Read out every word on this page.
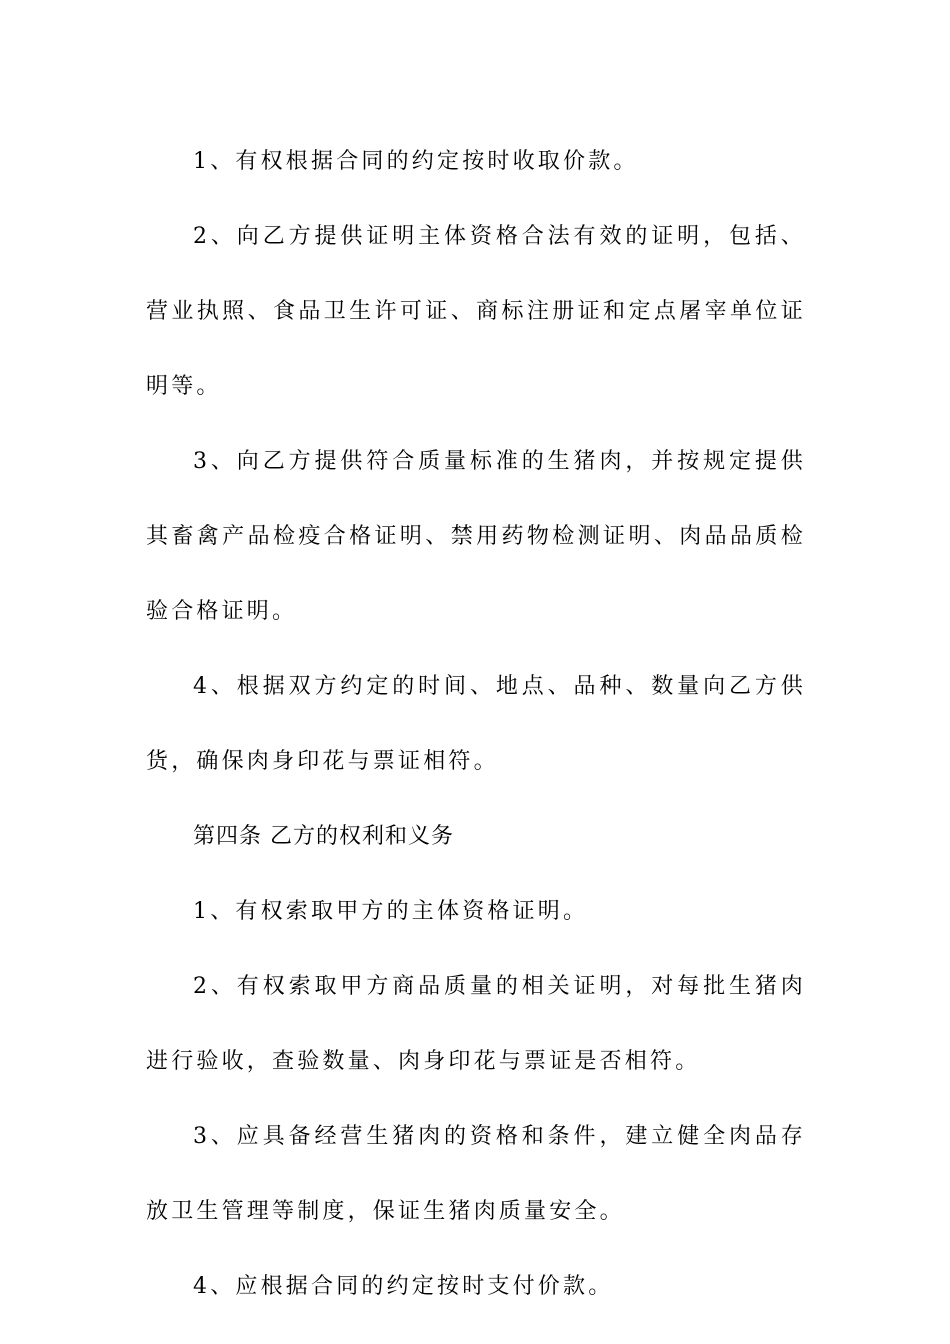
1、有权根据合同的约定按时收取价款。

2、向乙方提供证明主体资格合法有效的证明，包括、营业执照、食品卫生许可证、商标注册证和定点屠宰单位证明等。

3、向乙方提供符合质量标准的生猪肉，并按规定提供其畜禽产品检疫合格证明、禁用药物检测证明、肉品品质检验合格证明。

4、根据双方约定的时间、地点、品种、数量向乙方供货，确保肉身印花与票证相符。

第四条 乙方的权利和义务

1、有权索取甲方的主体资格证明。

2、有权索取甲方商品质量的相关证明，对每批生猪肉进行验收，查验数量、肉身印花与票证是否相符。

3、应具备经营生猪肉的资格和条件，建立健全肉品存放卫生管理等制度，保证生猪肉质量安全。

4、应根据合同的约定按时支付价款。
